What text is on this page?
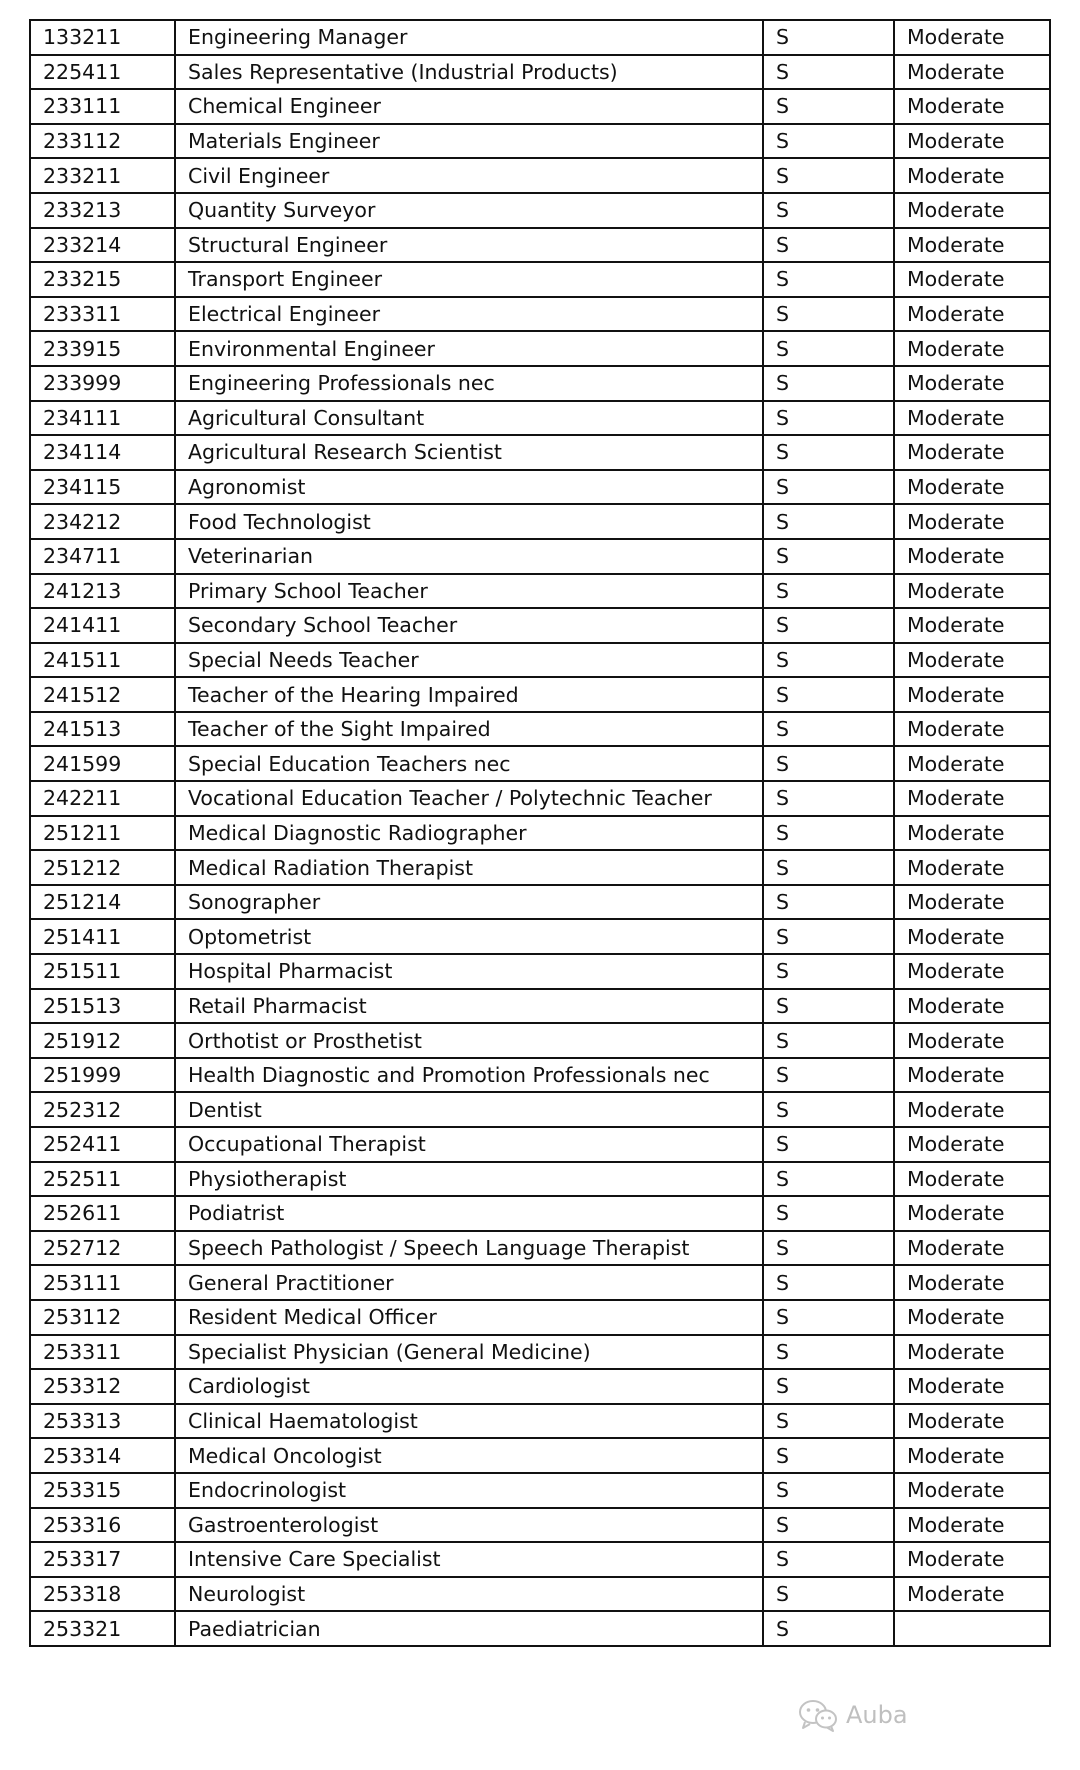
133211	Engineering Manager	S	Moderate
225411	Sales Representative (Industrial Products)	S	Moderate
233111	Chemical Engineer	S	Moderate
233112	Materials Engineer	S	Moderate
233211	Civil Engineer	S	Moderate
233213	Quantity Surveyor	S	Moderate
233214	Structural Engineer	S	Moderate
233215	Transport Engineer	S	Moderate
233311	Electrical Engineer	S	Moderate
233915	Environmental Engineer	S	Moderate
233999	Engineering Professionals nec	S	Moderate
234111	Agricultural Consultant	S	Moderate
234114	Agricultural Research Scientist	S	Moderate
234115	Agronomist	S	Moderate
234212	Food Technologist	S	Moderate
234711	Veterinarian	S	Moderate
241213	Primary School Teacher	S	Moderate
241411	Secondary School Teacher	S	Moderate
241511	Special Needs Teacher	S	Moderate
241512	Teacher of the Hearing Impaired	S	Moderate
241513	Teacher of the Sight Impaired	S	Moderate
241599	Special Education Teachers nec	S	Moderate
242211	Vocational Education Teacher / Polytechnic Teacher	S	Moderate
251211	Medical Diagnostic Radiographer	S	Moderate
251212	Medical Radiation Therapist	S	Moderate
251214	Sonographer	S	Moderate
251411	Optometrist	S	Moderate
251511	Hospital Pharmacist	S	Moderate
251513	Retail Pharmacist	S	Moderate
251912	Orthotist or Prosthetist	S	Moderate
251999	Health Diagnostic and Promotion Professionals nec	S	Moderate
252312	Dentist	S	Moderate
252411	Occupational Therapist	S	Moderate
252511	Physiotherapist	S	Moderate
252611	Podiatrist	S	Moderate
252712	Speech Pathologist / Speech Language Therapist	S	Moderate
253111	General Practitioner	S	Moderate
253112	Resident Medical Officer	S	Moderate
253311	Specialist Physician (General Medicine)	S	Moderate
253312	Cardiologist	S	Moderate
253313	Clinical Haematologist	S	Moderate
253314	Medical Oncologist	S	Moderate
253315	Endocrinologist	S	Moderate
253316	Gastroenterologist	S	Moderate
253317	Intensive Care Specialist	S	Moderate
253318	Neurologist	S	Moderate
253321	Paediatrician	S	
Auba
